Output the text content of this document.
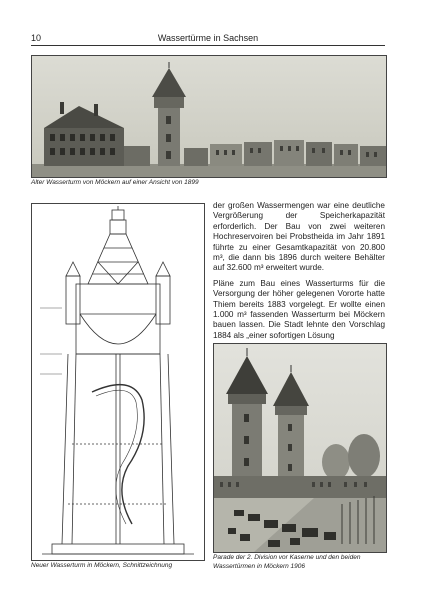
10	Wassertürme in Sachsen
Alter Wasserturm von Möckern auf einer Ansicht von 1899
Neuer Wasserturm in Möckern, Schnittzeichnung

der großen Wassermengen war eine deutliche Vergrößerung der Speicherkapazität erforderlich. Der Bau von zwei weiteren Hochreservoiren bei Probstheida im Jahr 1891 führte zu einer Gesamtkapazität von 20.800 m³, die dann bis 1896 durch weitere Behälter auf 32.600 m³ erweitert wurde.

Pläne zum Bau eines Wasserturms für die Versorgung der höher gelegenen Vororte hatte Thiem bereits 1883 vorgelegt. Er wollte einen 1.000 m³ fassenden Wasserturm bei Möckern bauen lassen. Die Stadt lehnte den Vorschlag 1884 als „einer sofortigen Lösung

Parade der 2. Division vor Kaserne und den beiden Wassertürmen in Möckern 1906
